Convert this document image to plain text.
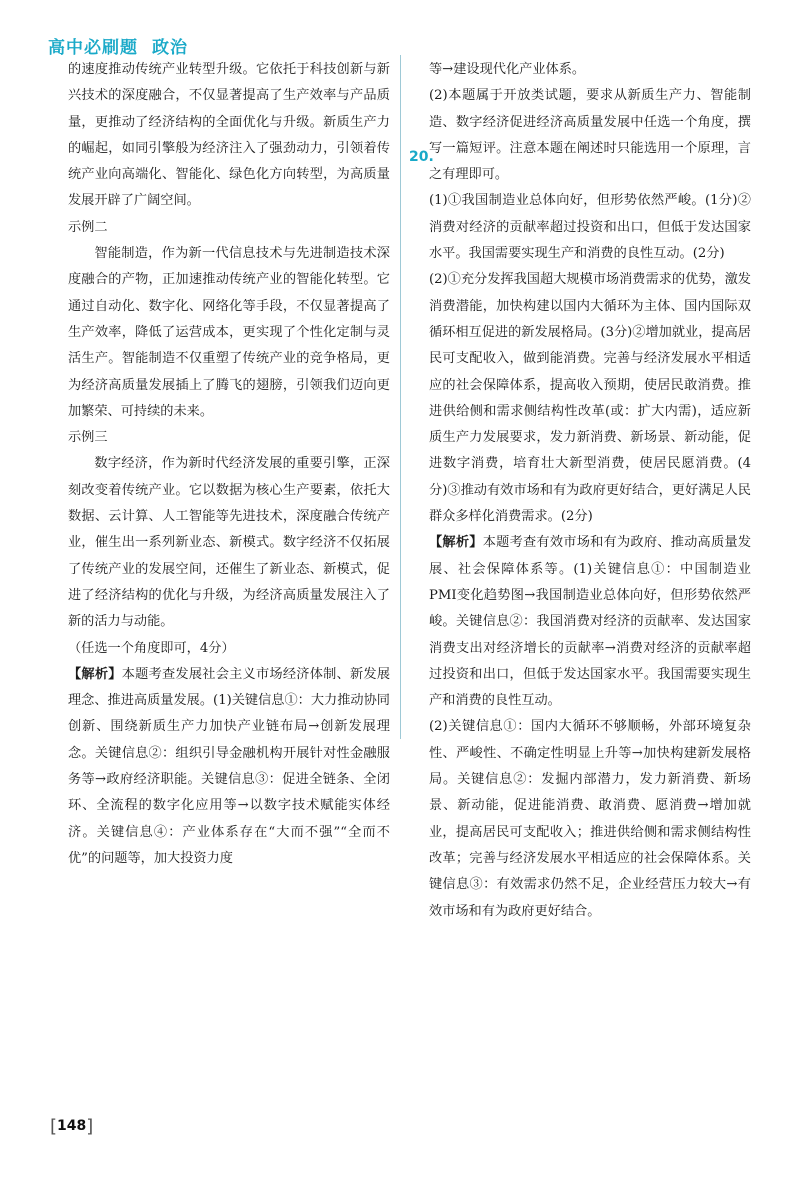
高中必刷题 政治
的速度推动传统产业转型升级。它依托于科技创新与新兴技术的深度融合，不仅显著提高了生产效率与产品质量，更推动了经济结构的全面优化与升级。新质生产力的崛起，如同引擎般为经济注入了强劲动力，引领着传统产业向高端化、智能化、绿色化方向转型，为高质量发展开辟了广阔空间。
示例二
智能制造，作为新一代信息技术与先进制造技术深度融合的产物，正加速推动传统产业的智能化转型。它通过自动化、数字化、网络化等手段，不仅显著提高了生产效率，降低了运营成本，更实现了个性化定制与灵活生产。智能制造不仅重塑了传统产业的竞争格局，更为经济高质量发展插上了腾飞的翅膀，引领我们迈向更加繁荣、可持续的未来。
示例三
数字经济，作为新时代经济发展的重要引擎，正深刻改变着传统产业。它以数据为核心生产要素，依托大数据、云计算、人工智能等先进技术，深度融合传统产业，催生出一系列新业态、新模式。数字经济不仅拓展了传统产业的发展空间，还催生了新业态、新模式，促进了经济结构的优化与升级，为经济高质量发展注入了新的活力与动能。
（任选一个角度即可，4分）
【解析】本题考查发展社会主义市场经济体制、新发展理念、推进高质量发展。(1)关键信息①：大力推动协同创新、围绕新质生产力加快产业链布局→创新发展理念。关键信息②：组织引导金融机构开展针对性金融服务等→政府经济职能。关键信息③：促进全链条、全闭环、全流程的数字化应用等→以数字技术赋能实体经济。关键信息④：产业体系存在“大而不强”“全而不优”的问题等，加大投资力度
20.
等→建设现代化产业体系。
(2)本题属于开放类试题，要求从新质生产力、智能制造、数字经济促进经济高质量发展中任选一个角度，撰写一篇短评。注意本题在阐述时只能选用一个原理，言之有理即可。
(1)①我国制造业总体向好，但形势依然严峻。(1分)②消费对经济的贡献率超过投资和出口，但低于发达国家水平。我国需要实现生产和消费的良性互动。(2分)
(2)①充分发挥我国超大规模市场消费需求的优势，激发消费潜能，加快构建以国内大循环为主体、国内国际双循环相互促进的新发展格局。(3分)②增加就业，提高居民可支配收入，做到能消费。完善与经济发展水平相适应的社会保障体系，提高收入预期，使居民敢消费。推进供给侧和需求侧结构性改革(或：扩大内需)，适应新质生产力发展要求，发力新消费、新场景、新动能，促进数字消费，培育壮大新型消费，使居民愿消费。(4分)③推动有效市场和有为政府更好结合，更好满足人民群众多样化消费需求。(2分)
【解析】本题考查有效市场和有为政府、推动高质量发展、社会保障体系等。(1)关键信息①：中国制造业PMI变化趋势图→我国制造业总体向好，但形势依然严峻。关键信息②：我国消费对经济的贡献率、发达国家消费支出对经济增长的贡献率→消费对经济的贡献率超过投资和出口，但低于发达国家水平。我国需要实现生产和消费的良性互动。
(2)关键信息①：国内大循环不够顺畅，外部环境复杂性、严峻性、不确定性明显上升等→加快构建新发展格局。关键信息②：发掘内部潜力，发力新消费、新场景、新动能，促进能消费、敢消费、愿消费→增加就业，提高居民可支配收入；推进供给侧和需求侧结构性改革；完善与经济发展水平相适应的社会保障体系。关键信息③：有效需求仍然不足，企业经营压力较大→有效市场和有为政府更好结合。
[148]
